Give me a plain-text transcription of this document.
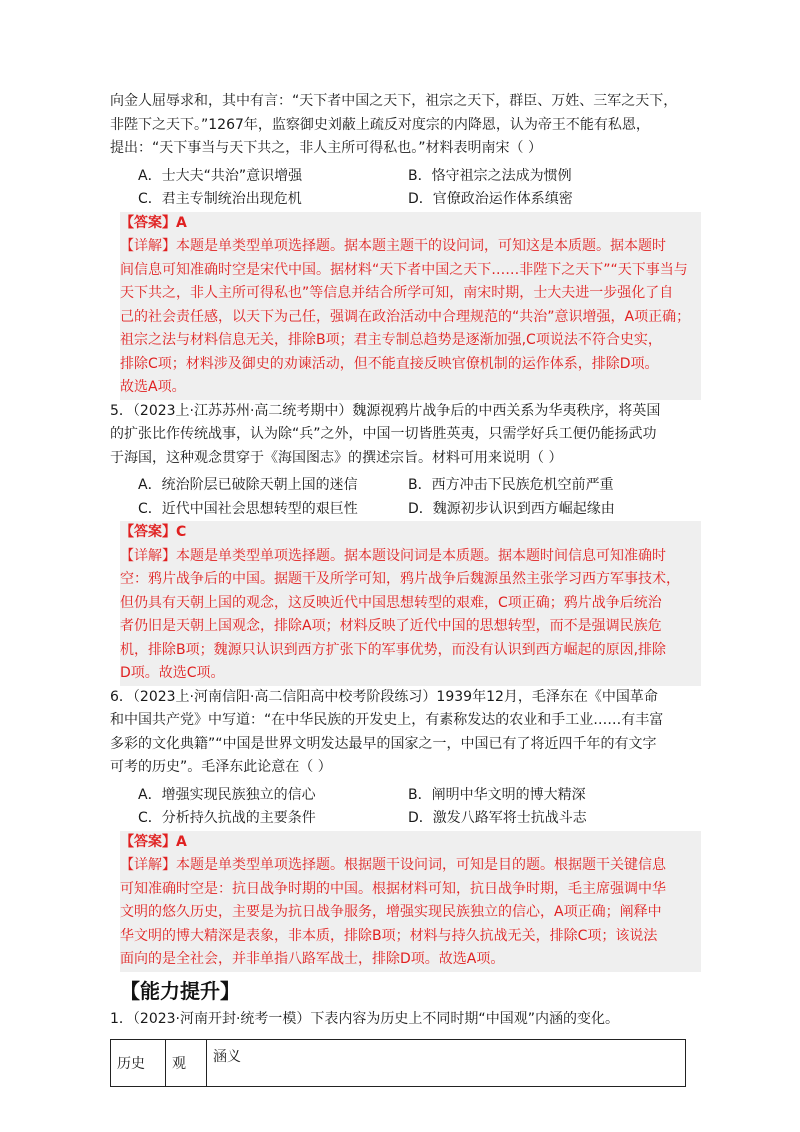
向金人屈辱求和，其中有言：“天下者中国之天下，祖宗之天下，群臣、万姓、三军之天下，

非陛下之天下。”1267年，监察御史刘蔽上疏反对度宗的内降恩，认为帝王不能有私恩，

提出：“天下事当与天下共之，非人主所可得私也。”材料表明南宋（ ）

A．士大夫“共治”意识增强	B．恪守祖宗之法成为惯例
C．君主专制统治出现危机	D．官僚政治运作体系缜密
【答案】A
【详解】本题是单类型单项选择题。据本题主题干的设问词，可知这是本质题。据本题时
间信息可知准确时空是宋代中国。据材料“天下者中国之天下……非陛下之天下”“天下事当与
天下共之，非人主所可得私也”等信息并结合所学可知，南宋时期，士大夫进一步强化了自
己的社会责任感，以天下为己任，强调在政治活动中合理规范的“共治”意识增强，A项正确；
祖宗之法与材料信息无关，排除B项；君主专制总趋势是逐渐加强,C项说法不符合史实，
排除C项；材料涉及御史的劝谏活动，但不能直接反映官僚机制的运作体系，排除D项。
故选A项。

5．（2023上·江苏苏州·高二统考期中）魏源视鸦片战争后的中西关系为华夷秩序，将英国

的扩张比作传统战事，认为除“兵”之外，中国一切皆胜英夷，只需学好兵工便仍能扬武功

于海国，这种观念贯穿于《海国图志》的撰述宗旨。材料可用来说明（ ）

A．统治阶层已破除天朝上国的迷信	B．西方冲击下民族危机空前严重
C．近代中国社会思想转型的艰巨性	D．魏源初步认识到西方崛起缘由
【答案】C
【详解】本题是单类型单项选择题。据本题设问词是本质题。据本题时间信息可知准确时
空：鸦片战争后的中国。据题干及所学可知，鸦片战争后魏源虽然主张学习西方军事技术，
但仍具有天朝上国的观念，这反映近代中国思想转型的艰难，C项正确；鸦片战争后统治
者仍旧是天朝上国观念，排除A项；材料反映了近代中国的思想转型，而不是强调民族危
机，排除B项；魏源只认识到西方扩张下的军事优势，而没有认识到西方崛起的原因,排除
D项。故选C项。

6．（2023上·河南信阳·高二信阳高中校考阶段练习）1939年12月，毛泽东在《中国革命

和中国共产党》中写道：“在中华民族的开发史上，有素称发达的农业和手工业……有丰富

多彩的文化典籍”“中国是世界文明发达最早的国家之一，中国已有了将近四千年的有文字

可考的历史”。毛泽东此论意在（ ）

A．增强实现民族独立的信心	B．阐明中华文明的博大精深
C．分析持久抗战的主要条件	D．激发八路军将士抗战斗志
【答案】A
【详解】本题是单类型单项选择题。根据题干设问词，可知是目的题。根据题干关键信息
可知准确时空是：抗日战争时期的中国。根据材料可知，抗日战争时期，毛主席强调中华
文明的悠久历史，主要是为抗日战争服务，增强实现民族独立的信心，A项正确；阐释中
华文明的博大精深是表象，非本质，排除B项；材料与持久抗战无关，排除C项；该说法
面向的是全社会，并非单指八路军战士，排除D项。故选A项。
【能力提升】

1．（2023·河南开封·统考一模）下表内容为历史上不同时期“中国观”内涵的变化。

历史	观	涵义
